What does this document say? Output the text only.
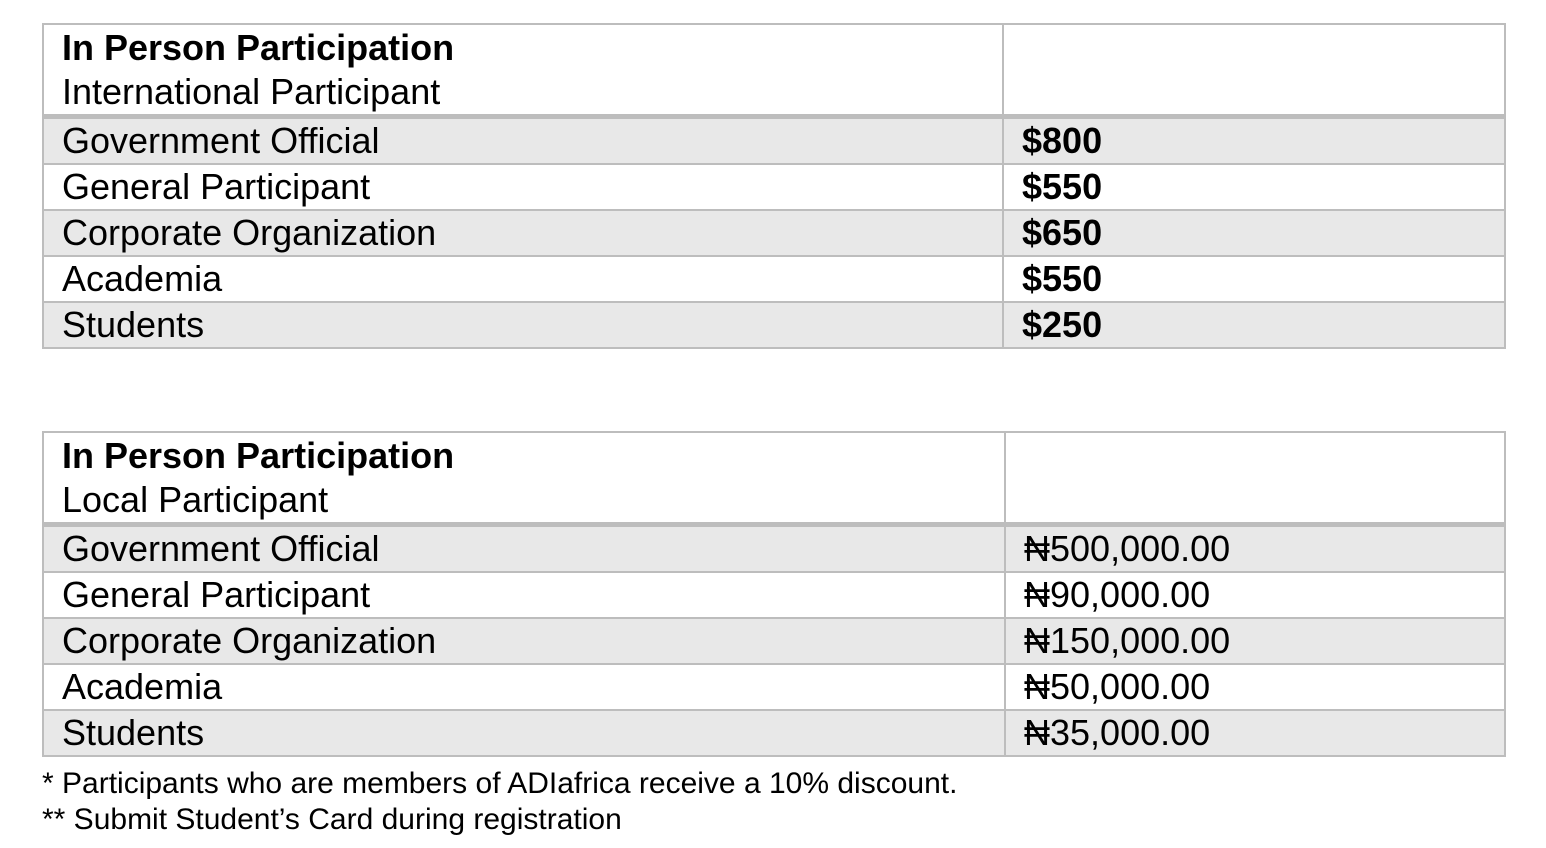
In Person Participation
International Participant	

Government Official	$800
General Participant	$550
Corporate Organization	$650
Academia	$550
Students	$250
In Person Participation
Local Participant	

Government Official	₦500,000.00
General Participant	₦90,000.00
Corporate Organization	₦150,000.00
Academia	₦50,000.00
Students	₦35,000.00

* Participants who are members of ADIafrica receive a 10% discount.

** Submit Student’s Card during registration
